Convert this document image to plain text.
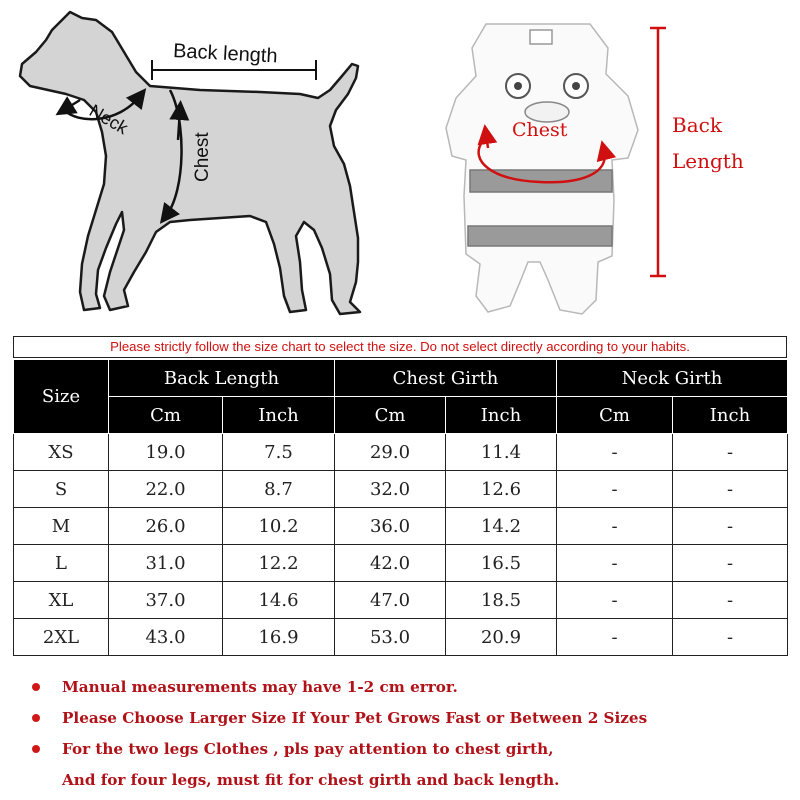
Back length
Neck
Chest
Chest	Back
Length
Please strictly follow the size chart to select the size. Do not select directly according to your habits.
Size	Back Length		Chest Girth		Neck Girth	
	Cm	Inch	Cm	Inch	Cm	Inch
XS	19.0	7.5	29.0	11.4	-	-
S	22.0	8.7	32.0	12.6	-	-
M	26.0	10.2	36.0	14.2	-	-
L	31.0	12.2	42.0	16.5	-	-
XL	37.0	14.6	47.0	18.5	-	-
2XL	43.0	16.9	53.0	20.9	-	-
Manual measurements may have 1-2 cm error.
Please Choose Larger Size If Your Pet Grows Fast or Between 2 Sizes
For the two legs Clothes , pls pay attention to chest girth,
And for four legs, must fit for chest girth and back length.
